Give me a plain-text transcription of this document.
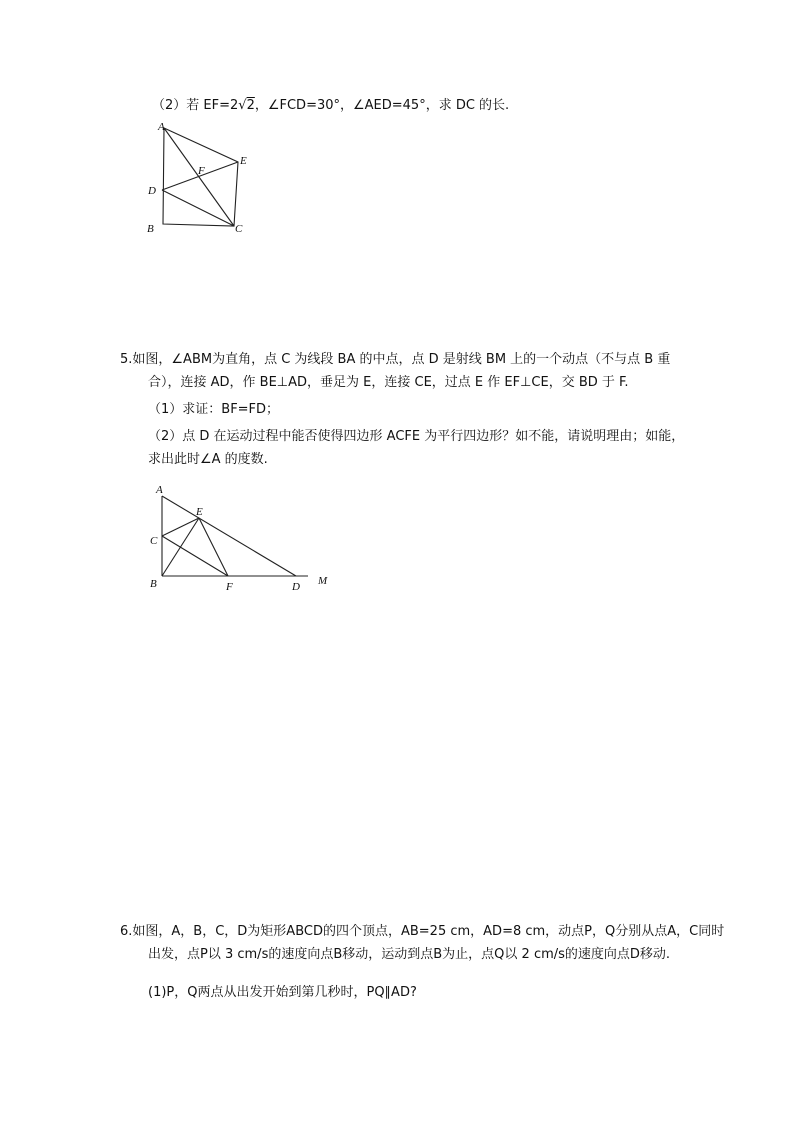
（2）若 EF=2√2，∠FCD=30°，∠AED=45°，求 DC 的长.
A
E
F
D
B	C
5.如图，∠ABM为直角，点 C 为线段 BA 的中点，点 D 是射线 BM 上的一个动点（不与点 B 重
合），连接 AD，作 BE⊥AD，垂足为 E，连接 CE，过点 E 作 EF⊥CE，交 BD 于 F.
（1）求证：BF=FD；
（2）点 D 在运动过程中能否使得四边形 ACFE 为平行四边形？如不能，请说明理由；如能，
求出此时∠A 的度数.
A
E
C
B	F	D M
6.如图，A，B，C，D为矩形ABCD的四个顶点，AB=25 cm，AD=8 cm，动点P，Q分别从点A，C同时
出发，点P以 3 cm/s的速度向点B移动，运动到点B为止，点Q以 2 cm/s的速度向点D移动.
(1)P，Q两点从出发开始到第几秒时，PQ∥AD?
